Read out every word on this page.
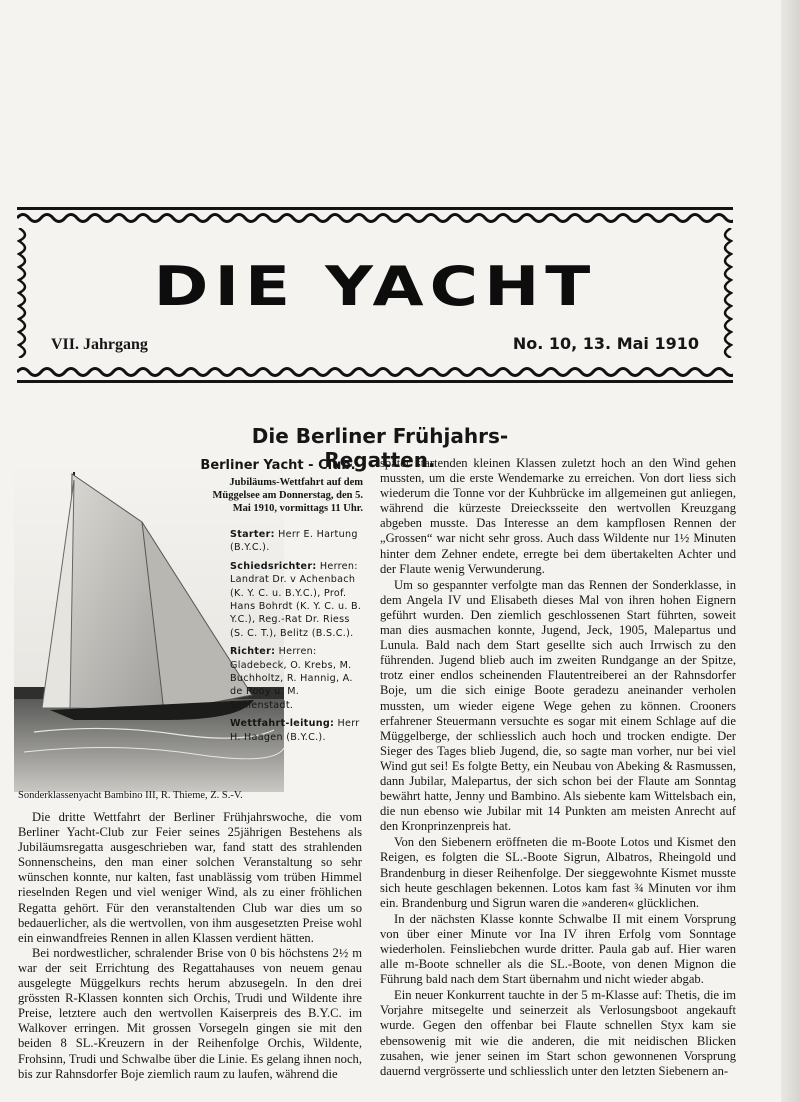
DIE YACHT
VII. Jahrgang	No. 10, 13. Mai 1910
Die Berliner Frühjahrs-Regatten.
Sonderklassenyacht Bambino III, R. Thieme, Z. S.-V.
Berliner Yacht - Club.
Jubiläums-Wettfahrt auf dem Müggelsee am Donnerstag, den 5. Mai 1910, vormittags 11 Uhr.

Starter: Herr E. Hartung (B.Y.C.).

Schiedsrichter: Herren: Landrat Dr. v Achenbach (K. Y. C. u. B.Y.C.), Prof. Hans Bohrdt (K. Y. C. u. B. Y.C.), Reg.-Rat Dr. Riess (S. C. T.), Belitz (B.S.C.).

Richter: Herren: Gladebeck, O. Krebs, M. Buchholtz, R. Hannig, A. de Rooy u. M. Schlenstadt.

Wettfahrt-leitung: Herr H. Haagen (B.Y.C.).

Die dritte Wettfahrt der Berliner Frühjahrswoche, die vom Berliner Yacht-Club zur Feier seines 25jährigen Bestehens als Jubiläumsregatta ausgeschrieben war, fand statt des strahlenden Sonnenscheins, den man einer solchen Veranstaltung so sehr wünschen konnte, nur kalten, fast unablässig vom trüben Himmel rieselnden Regen und viel weniger Wind, als zu einer fröhlichen Regatta gehört. Für den veranstaltenden Club war dies um so bedauerlicher, als die wertvollen, von ihm ausgesetzten Preise wohl ein einwandfreies Rennen in allen Klassen verdient hätten.

Bei nordwestlicher, schralender Brise von 0 bis höchstens 2½ m war der seit Errichtung des Regattahauses von neuem genau ausgelegte Müggelkurs rechts herum abzusegeln. In den drei grössten R-Klassen konnten sich Orchis, Trudi und Wildente ihre Preise, letztere auch den wertvollen Kaiserpreis des B.Y.C. im Walkover erringen. Mit grossen Vorsegeln gingen sie mit den beiden 8 SL.-Kreuzern in der Reihenfolge Orchis, Wildente, Frohsinn, Trudi und Schwalbe über die Linie. Es gelang ihnen noch, bis zur Rahnsdorfer Boje ziemlich raum zu laufen, während die

später startenden kleinen Klassen zuletzt hoch an den Wind gehen mussten, um die erste Wendemarke zu erreichen. Von dort liess sich wiederum die Tonne vor der Kuhbrücke im allgemeinen gut anliegen, während die kürzeste Dreiecksseite den wertvollen Kreuzgang abgeben musste. Das Interesse an dem kampflosen Rennen der „Grossen“ war nicht sehr gross. Auch dass Wildente nur 1½ Minuten hinter dem Zehner endete, erregte bei dem übertakelten Achter und der Flaute wenig Verwunderung.

Um so gespannter verfolgte man das Rennen der Sonderklasse, in dem Angela IV und Elisabeth dieses Mal von ihren hohen Eignern geführt wurden. Den ziemlich geschlossenen Start führten, soweit man dies ausmachen konnte, Jugend, Jeck, 1905, Malepartus und Lunula. Bald nach dem Start gesellte sich auch Irrwisch zu den führenden. Jugend blieb auch im zweiten Rundgange an der Spitze, trotz einer endlos scheinenden Flautentreiberei an der Rahnsdorfer Boje, um die sich einige Boote geradezu aneinander verholen mussten, um wieder eigene Wege gehen zu können. Crooners erfahrener Steuermann versuchte es sogar mit einem Schlage auf die Müggelberge, der schliesslich auch hoch und trocken endigte. Der Sieger des Tages blieb Jugend, die, so sagte man vorher, nur bei viel Wind gut sei! Es folgte Betty, ein Neubau von Abeking & Rasmussen, dann Jubilar, Malepartus, der sich schon bei der Flaute am Sonntag bewährt hatte, Jenny und Bambino. Als siebente kam Wittelsbach ein, die nun ebenso wie Jubilar mit 14 Punkten am meisten Anrecht auf den Kronprinzenpreis hat.

Von den Siebenern eröffneten die m-Boote Lotos und Kismet den Reigen, es folgten die SL.-Boote Sigrun, Albatros, Rheingold und Brandenburg in dieser Reihenfolge. Der sieggewohnte Kismet musste sich heute geschlagen bekennen. Lotos kam fast ¾ Minuten vor ihm ein. Brandenburg und Sigrun waren die »anderen« glücklichen.

In der nächsten Klasse konnte Schwalbe II mit einem Vorsprung von über einer Minute vor Ina IV ihren Erfolg vom Sonntage wiederholen. Feinsliebchen wurde dritter. Paula gab auf. Hier waren alle m-Boote schneller als die SL.-Boote, von denen Mignon die Führung bald nach dem Start übernahm und nicht wieder abgab.

Ein neuer Konkurrent tauchte in der 5 m-Klasse auf: Thetis, die im Vorjahre mitsegelte und seinerzeit als Verlosungsboot angekauft wurde. Gegen den offenbar bei Flaute schnellen Styx kam sie ebensowenig mit wie die anderen, die mit neidischen Blicken zusahen, wie jener seinen im Start schon gewonnenen Vorsprung dauernd vergrösserte und schliesslich unter den letzten Siebenern an-
